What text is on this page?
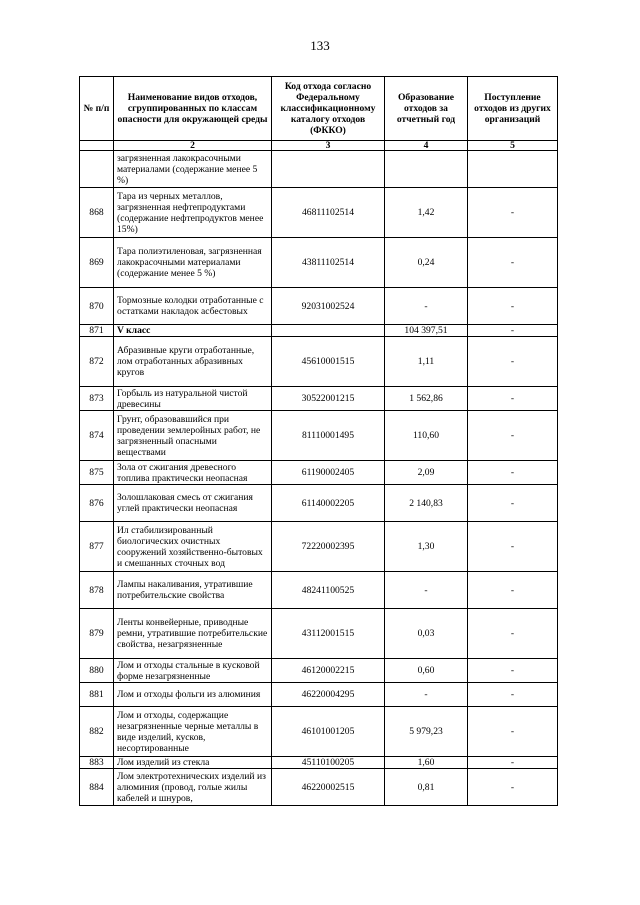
133
№ п/п	Наименование видов отходов, сгруппированных по классам опасности для окружающей среды	Код отхода согласно Федеральному классификационному каталогу отходов (ФККО)	Образование отходов за отчетный год	Поступление отходов из других организаций
	2	3	4	5
	загрязненная лакокрасочными материалами (содержание менее 5 %)			
868	Тара из черных металлов, загрязненная нефтепродуктами (содержание нефтепродуктов менее 15%)	46811102514	1,42	-
869	Тара полиэтиленовая, загрязненная лакокрасочными материалами (содержание менее 5 %)	43811102514	0,24	-
870	Тормозные колодки отработанные с остатками накладок асбестовых	92031002524	-	-
871	V класс		104 397,51	-
872	Абразивные круги отработанные, лом отработанных абразивных кругов	45610001515	1,11	-
873	Горбыль из натуральной чистой древесины	30522001215	1 562,86	-
874	Грунт, образовавшийся при проведении землеройных работ, не загрязненный опасными веществами	81110001495	110,60	-
875	Зола от сжигания древесного топлива практически неопасная	61190002405	2,09	-
876	Золошлаковая смесь от сжигания углей практически неопасная	61140002205	2 140,83	-
877	Ил стабилизированный биологических очистных сооружений хозяйственно-бытовых и смешанных сточных вод	72220002395	1,30	-
878	Лампы накаливания, утратившие потребительские свойства	48241100525	-	-
879	Ленты конвейерные, приводные ремни, утратившие потребительские свойства, незагрязненные	43112001515	0,03	-
880	Лом и отходы стальные в кусковой форме незагрязненные	46120002215	0,60	-
881	Лом и отходы фольги из алюминия	46220004295	-	-
882	Лом и отходы, содержащие незагрязненные черные металлы в виде изделий, кусков, несортированные	46101001205	5 979,23	-
883	Лом изделий из стекла	45110100205	1,60	-
884	Лом электротехнических изделий из алюминия (провод, голые жилы кабелей и шнуров,	46220002515	0,81	-
